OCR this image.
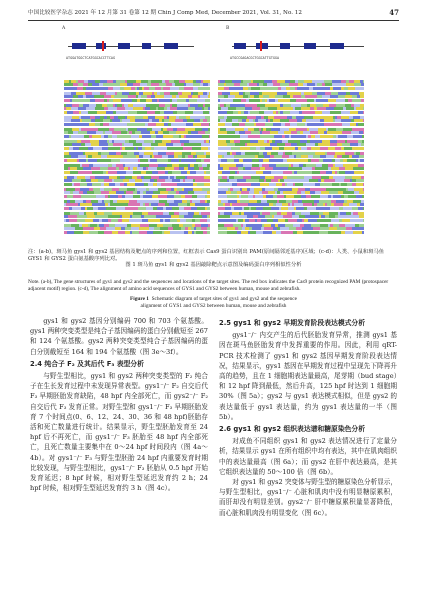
中国比较医学杂志 2021 年 12 月第 31 卷第 12 期 Chin J Comp Med, December 2021, Vol. 31, No. 12	47
A	B
ATGGATGGCTCATGGCACCTTCAG	ATGCCGAGACGCTGGCATTGTGGA
注：(a-b)，斑马鱼 gys1 和 gys2 基因结构及靶点的序列和位置，红框表示 Cas9 蛋白识别出 PAM(原间隔邻近基序)区域；(c-d)：人类、小鼠和斑马鱼 GYS1 和 GYS2 蛋白氨基酸序列比对。
图 1 斑马鱼 gys1 和 gys2 基因敲除靶点示意图及编码蛋白序列相似性分析
Note. (a-b), The gene structures of gys1 and gys2 and the sequences and locations of the target sites. The red box indicates the Cas9 protein recognized PAM (protospacer adjacent motif) region. (c-d), The alignment of amino acid sequences of GYS1 and GYS2 between human, mouse and zebrafish.
Figure 1 Schematic diagram of target sites of gys1 and gys2 and the sequence
alignment of GYS1 and GYS2 between human, mouse and zebrafish

gys1 和 gys2 基因分别编码 700 和 703 个氨基酸。gys1 两种突变类型是纯合子基因编码的蛋白分别截短至 267 和 124 个氨基酸。gys2 两种突变类型纯合子基因编码的蛋白分别截短至 164 和 194 个氨基酸（图 3e～3f）。

2.4 纯合子 F₂ 及其后代 F₃ 表型分析

与野生型相比，gys1 和 gys2 两种突变类型的 F₂ 纯合子在生长发育过程中未发现异常表型。gys1⁻/⁻ F₂ 自交后代 F₃ 早期胚胎发育缺陷，48 hpf 内全部死亡，而 gys2⁻/⁻ F₂ 自交后代 F₃ 发育正常。对野生型和 gys1⁻/⁻ F₃ 早期胚胎发育 7 个时间点(0、6、12、24、30、36 和 48 hpf)胚胎存活和死亡数量进行统计。结果显示，野生型胚胎发育至 24 hpf 后不再死亡，而 gys1⁻/⁻ F₃ 胚胎至 48 hpf 内全部死亡，且死亡数量主要集中在 0～24 hpf 时间段内（图 4a～4b）。对 gys1⁻/⁻ F₃ 与野生型胚胎 24 hpf 内重要发育时期比较发现，与野生型相比，gys1⁻/⁻ F₃ 胚胎从 0.5 hpf 开始发育延迟；8 hpf 时候，相对野生型延迟发育约 2 h；24 hpf 时候，相对野生型延迟发育约 3 h（图 4c）。

2.5 gys1 和 gys2 早期发育阶段表达模式分析

gys1⁻/⁻ 内交产生的后代胚胎发育异常，推测 gys1 基因在斑马鱼胚胎发育中发挥重要的作用。因此，利用 qRT-PCR 技术检测了 gys1 和 gys2 基因早期发育阶段表达情况，结果显示，gys1 基因在早期发育过程中呈现先下降再升高的趋势，且在 1 细胞期表达量最高，尾芽期（bud stage）和 12 hpf 降到最低，然后升高，125 hpf 时达到 1 细胞期 30%（图 5a）；gys2 与 gys1 表达模式相似，但是 gys2 的表达量低于 gys1 表达量，约为 gys1 表达量的一半（图 5b）。

2.6 gys1 和 gys2 组织表达谱和糖原染色分析

对成鱼不同组织 gys1 和 gys2 表达情况进行了定量分析，结果显示 gys1 在所有组织中均有表达，其中在肌肉组织中的表达量最高（图 6a）；而 gys2 在肝中表达最高，是其它组织表达量的 50～100 倍（图 6b）。

对 gys1 和 gys2 突变体与野生型的糖原染色分析显示，与野生型相比，gys1⁻/⁻ 心脏和肌肉中没有明显糖原累积，而肝却没有明显差别。gys2⁻/⁻ 肝中糖原累积量显著降低，而心脏和肌肉没有明显变化（图 6c）。
